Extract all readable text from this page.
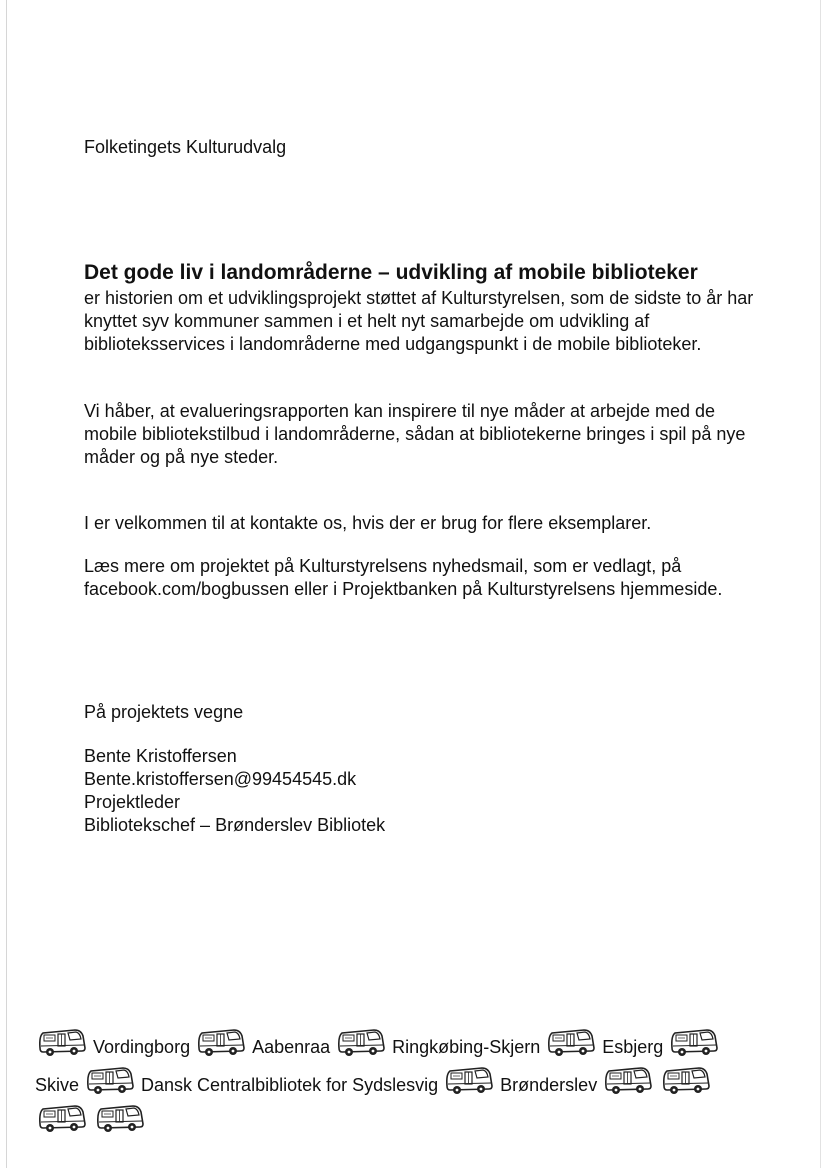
Folketingets Kulturudvalg
Det gode liv i landområderne – udvikling af mobile biblioteker
er historien om et udviklingsprojekt støttet af Kulturstyrelsen, som de sidste to år har knyttet syv kommuner sammen i et helt nyt samarbejde om udvikling af biblioteksservices i landområderne med udgangspunkt i de mobile biblioteker.
Vi håber, at evalueringsrapporten kan inspirere til nye måder at arbejde med de mobile bibliotekstilbud i landområderne, sådan at bibliotekerne bringes i spil på nye måder og på nye steder.
I er velkommen til at kontakte os, hvis der er brug for flere eksemplarer.
Læs mere om projektet på Kulturstyrelsens nyhedsmail, som er vedlagt, på facebook.com/bogbussen eller i Projektbanken på Kulturstyrelsens hjemmeside.
På projektets vegne
Bente Kristoffersen
Bente.kristoffersen@99454545.dk
Projektleder
Bibliotekschef – Brønderslev Bibliotek
Vordingborg	Aabenraa	Ringkøbing-Skjern	Esbjerg
Skive	Dansk Centralbibliotek for Sydslesvig	Brønderslev
